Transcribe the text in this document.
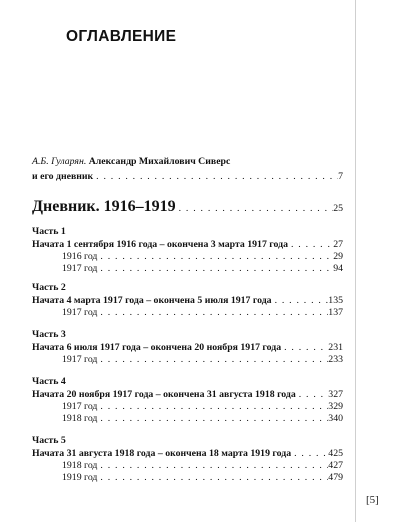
ОГЛАВЛЕНИЕ
А.Б. Гуларян. Александр Михайлович Сиверс
и его дневник . . .	7
Дневник. 1916–1919 . . .	25
Часть 1
Начата 1 сентября 1916 года – окончена 3 марта 1917 года . . .	27
1916 год . . .	29
1917 год . . .	94
Часть 2
Начата 4 марта 1917 года – окончена 5 июля 1917 года . . .	135
1917 год . . .	137
Часть 3
Начата 6 июля 1917 года – окончена 20 ноября 1917 года . . .	231
1917 год . . .	233
Часть 4
Начата 20 ноября 1917 года – окончена 31 августа 1918 года . . .	327
1917 год . . .	329
1918 год . . .	340
Часть 5
Начата 31 августа 1918 года – окончена 18 марта 1919 года . . .	425
1918 год . . .	427
1919 год . . .	479
[5]
